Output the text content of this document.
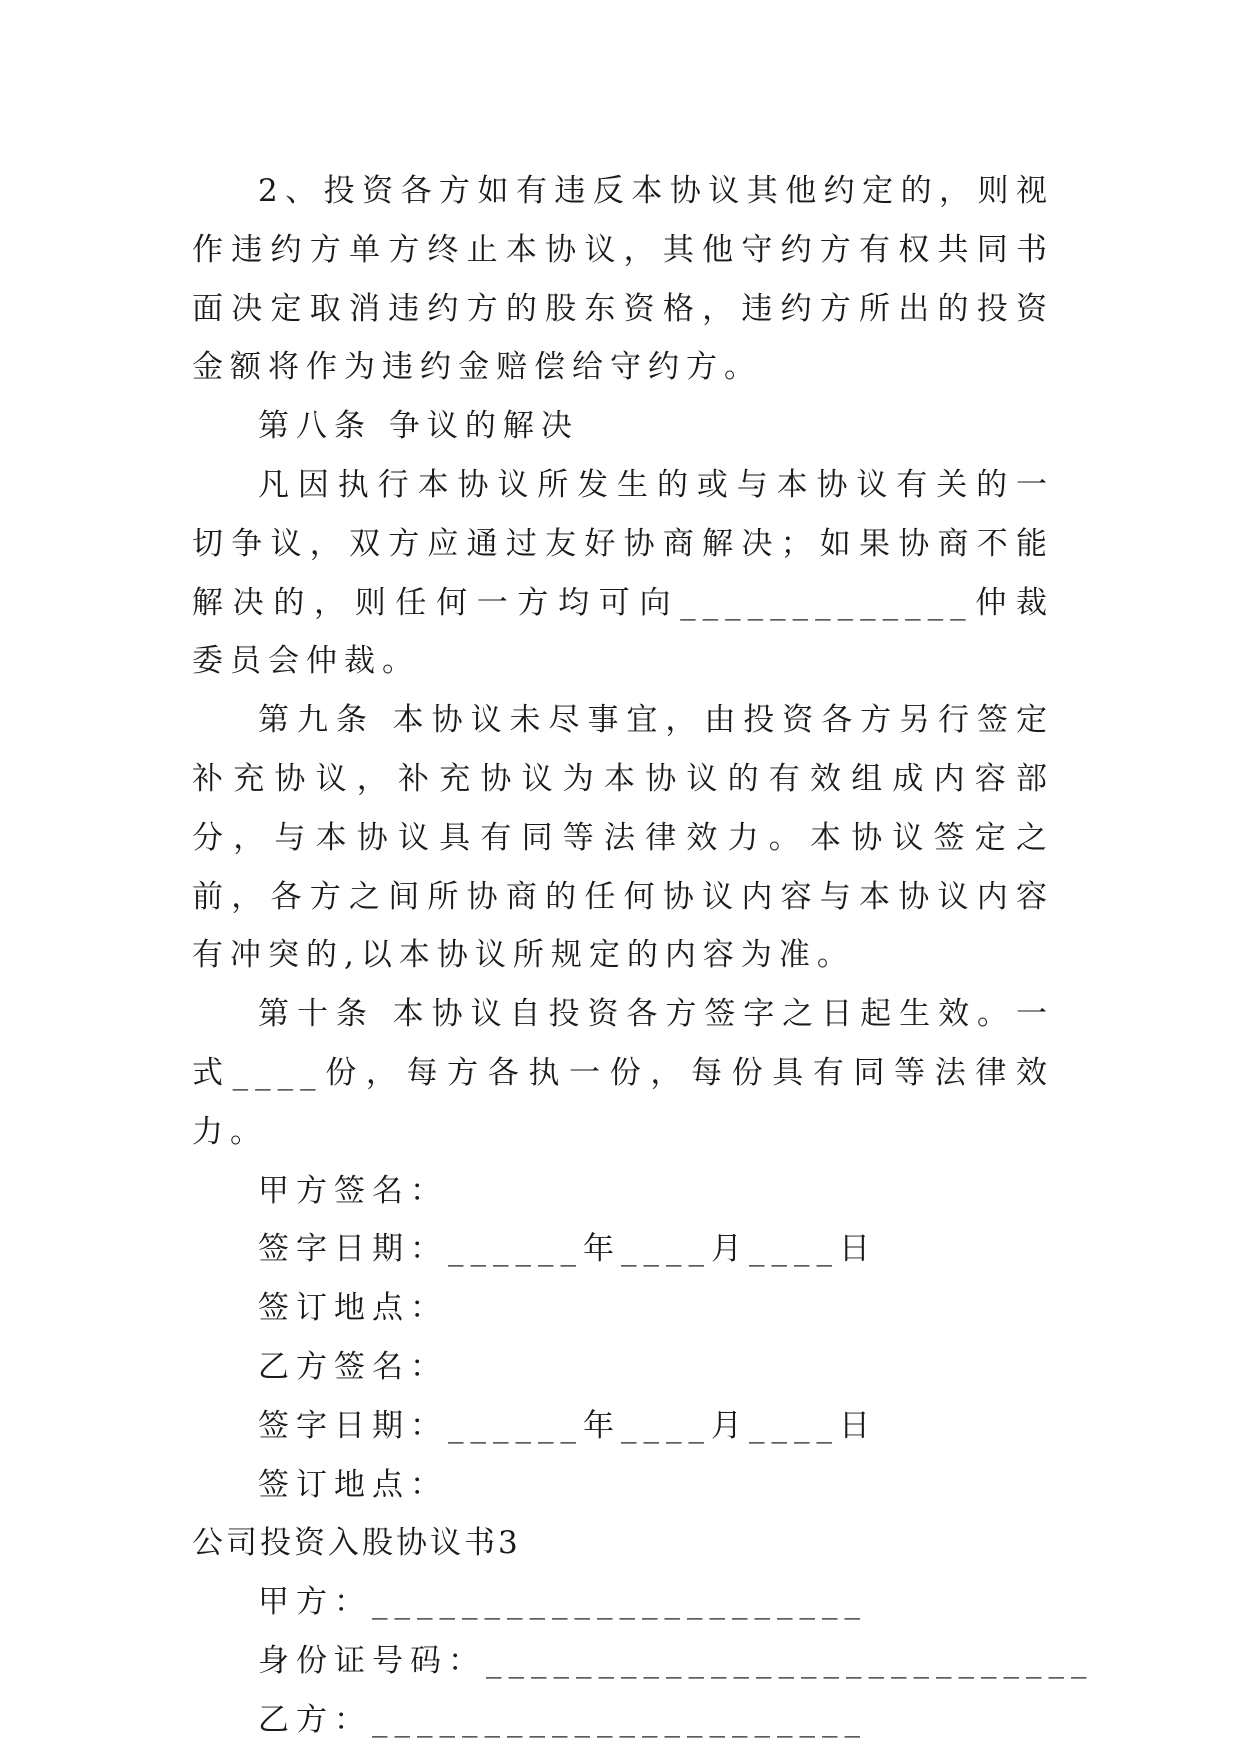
2、投资各方如有违反本协议其他约定的，则视作违约方单方终止本协议，其他守约方有权共同书面决定取消违约方的股东资格，违约方所出的投资金额将作为违约金赔偿给守约方。

第八条 争议的解决

凡因执行本协议所发生的或与本协议有关的一切争议，双方应通过友好协商解决；如果协商不能解决的，则任何一方均可向_____________仲裁委员会仲裁。

第九条 本协议未尽事宜，由投资各方另行签定补充协议，补充协议为本协议的有效组成内容部分，与本协议具有同等法律效力。本协议签定之前，各方之间所协商的任何协议内容与本协议内容有冲突的,以本协议所规定的内容为准。

第十条 本协议自投资各方签字之日起生效。一式____份，每方各执一份，每份具有同等法律效力。

甲方签名：
签字日期：______年____月____日
签订地点：
乙方签名：
签字日期：______年____月____日
签订地点：

公司投资入股协议书3

甲方：______________________
身份证号码：___________________________
乙方：______________________
